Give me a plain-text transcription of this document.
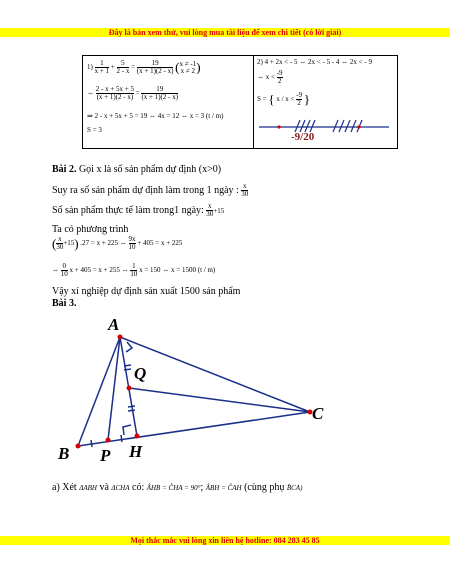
Đây là bản xem thử, vui lòng mua tài liệu để xem chi tiết (có lời giải)
$1) \frac{1}{x + 1} + \frac{5}{2 - x} = \frac{19}{(x + 1)(2 - x)}$ ( x ≠ -1
x ≠ 2 )
⇔ $\frac{2 - x + 5x + 5}{(x + 1)(2 - x)} = \frac{19}{(x + 1)(2 - x)}$
⇒ 2 - x + 5x + 5 = 19 ⇔ 4x = 12 ⇔ x = 3 (t / m)
S = 3
2) 4 + 2x < - 5 ⇔ 2x < - 5 - 4 ⇔ 2x < - 9
⇔ $x < \frac{-9}{2}$
S = { $x / x < \frac{-9}{2}$ }
-9/20
Bài 2. Gọi x là số sản phẩm dự định (x>0)
Suy ra số sản phẩm dự định làm trong 1 ngày : $\frac{x}{30}$
Số sản phẩm thực tế làm trong1 ngày: $\frac{x}{30} +15$
Ta có phương trình
( $\frac{x}{30} +15$) .27 = x + 225 ⇔ $\frac{9x}{10} + 405 = x + 225$
⇔ $\frac{0}{10}$ x + 405 = x + 255 ⇔ $\frac{1}{10}$ x = 150 ⇔ x = 1500 (t / m)
Vậy xí nghiệp dự định sản xuất 1500 sản phẩm
Bài 3.
A
Q
C
B P H
a) Xét ΔABH và ΔCHA có: ÂHB = ĈHA = 90°; ÂBH = ĈAH (cùng phụ B̂CA)
Mọi thắc mắc vui lòng xin liên hệ hotline: 084 283 45 85
